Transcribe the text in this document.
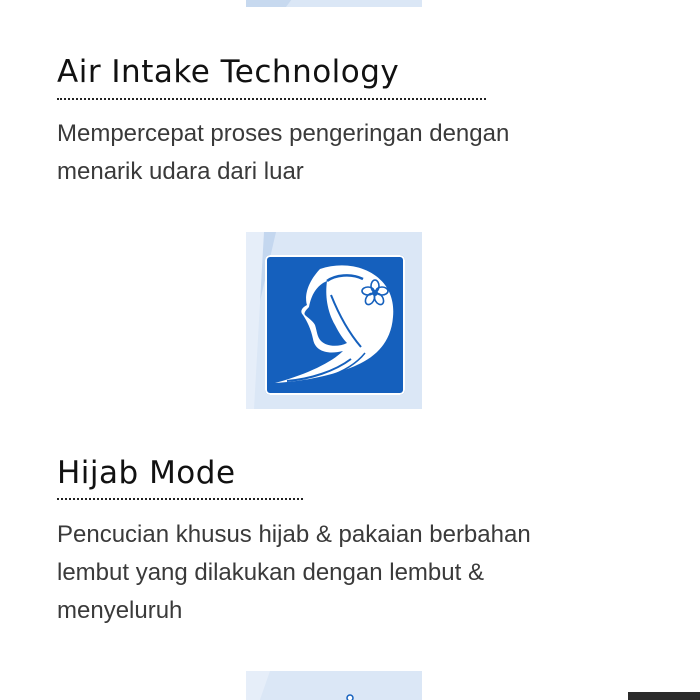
Air Intake Technology

Mempercepat proses pengeringan dengan menarik udara dari luar

Hijab Mode

Pencucian khusus hijab & pakaian berbahan lembut yang dilakukan dengan lembut & menyeluruh
